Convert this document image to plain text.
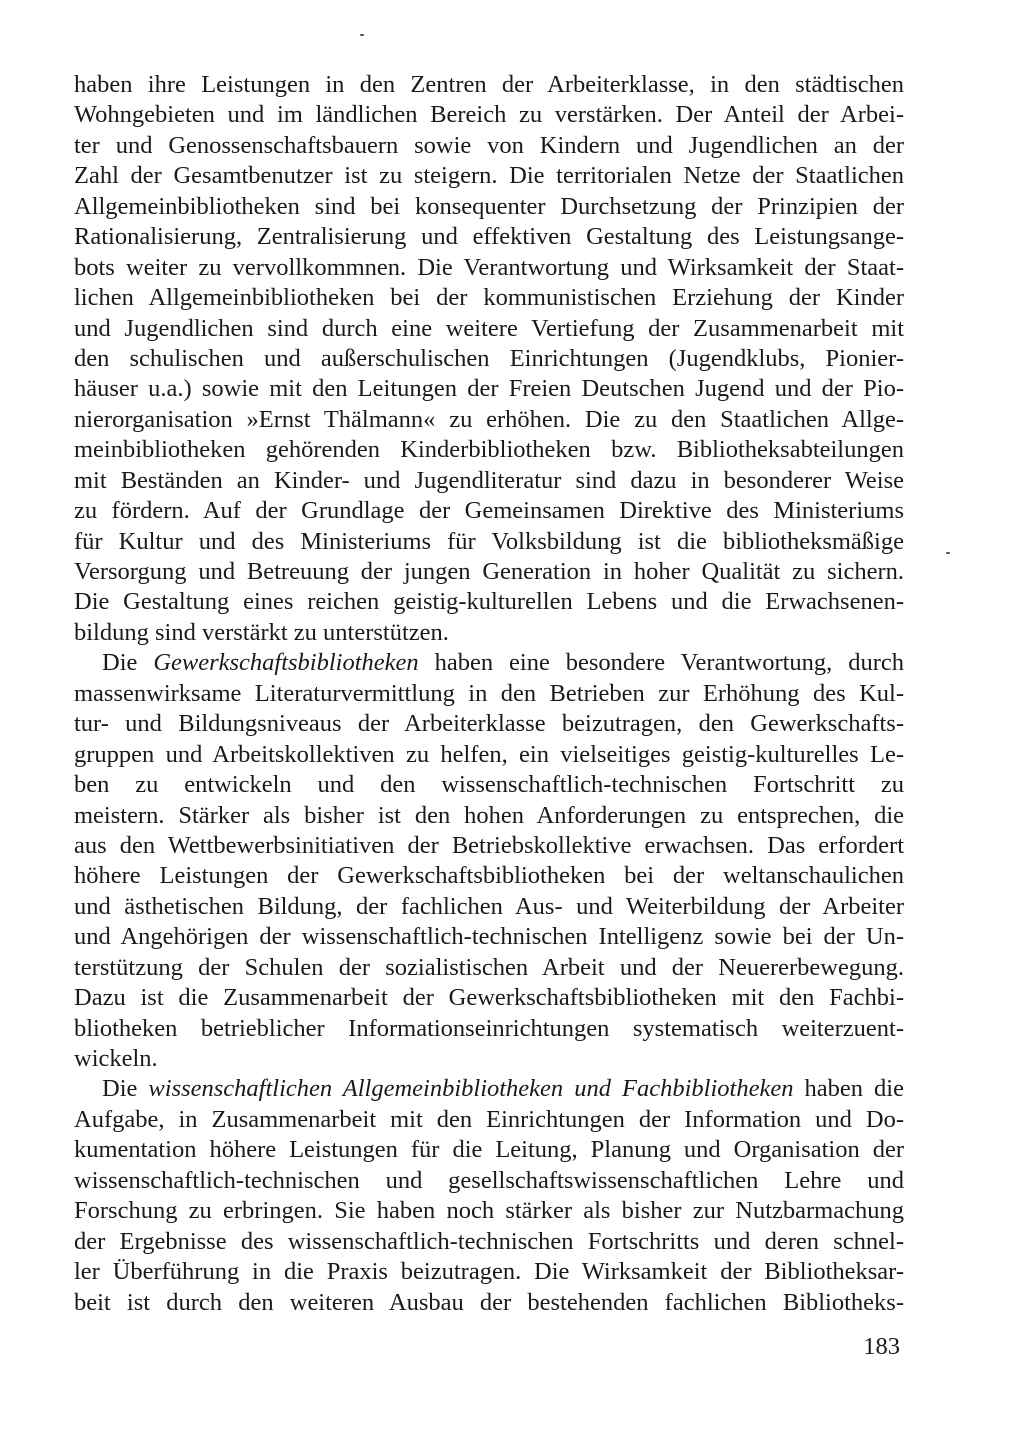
haben ihre Leistungen in den Zentren der Arbeiterklasse, in den städtischen
Wohngebieten und im ländlichen Bereich zu verstärken. Der Anteil der Arbei-
ter und Genossenschaftsbauern sowie von Kindern und Jugendlichen an der
Zahl der Gesamtbenutzer ist zu steigern. Die territorialen Netze der Staatlichen
Allgemeinbibliotheken sind bei konsequenter Durchsetzung der Prinzipien der
Rationalisierung, Zentralisierung und effektiven Gestaltung des Leistungsange-
bots weiter zu vervollkommnen. Die Verantwortung und Wirksamkeit der Staat-
lichen Allgemeinbibliotheken bei der kommunistischen Erziehung der Kinder
und Jugendlichen sind durch eine weitere Vertiefung der Zusammenarbeit mit
den schulischen und außerschulischen Einrichtungen (Jugendklubs, Pionier-
häuser u.a.) sowie mit den Leitungen der Freien Deutschen Jugend und der Pio-
nierorganisation »Ernst Thälmann« zu erhöhen. Die zu den Staatlichen Allge-
meinbibliotheken gehörenden Kinderbibliotheken bzw. Bibliotheksabteilungen
mit Beständen an Kinder- und Jugendliteratur sind dazu in besonderer Weise
zu fördern. Auf der Grundlage der Gemeinsamen Direktive des Ministeriums
für Kultur und des Ministeriums für Volksbildung ist die bibliotheksmäßige
Versorgung und Betreuung der jungen Generation in hoher Qualität zu sichern.
Die Gestaltung eines reichen geistig-kulturellen Lebens und die Erwachsenen-
bildung sind verstärkt zu unterstützen.
Die Gewerkschaftsbibliotheken haben eine besondere Verantwortung, durch
massenwirksame Literaturvermittlung in den Betrieben zur Erhöhung des Kul-
tur- und Bildungsniveaus der Arbeiterklasse beizutragen, den Gewerkschafts-
gruppen und Arbeitskollektiven zu helfen, ein vielseitiges geistig-kulturelles Le-
ben zu entwickeln und den wissenschaftlich-technischen Fortschritt zu
meistern. Stärker als bisher ist den hohen Anforderungen zu entsprechen, die
aus den Wettbewerbsinitiativen der Betriebskollektive erwachsen. Das erfordert
höhere Leistungen der Gewerkschaftsbibliotheken bei der weltanschaulichen
und ästhetischen Bildung, der fachlichen Aus- und Weiterbildung der Arbeiter
und Angehörigen der wissenschaftlich-technischen Intelligenz sowie bei der Un-
terstützung der Schulen der sozialistischen Arbeit und der Neuererbewegung.
Dazu ist die Zusammenarbeit der Gewerkschaftsbibliotheken mit den Fachbi-
bliotheken betrieblicher Informationseinrichtungen systematisch weiterzuent-
wickeln.
Die wissenschaftlichen Allgemeinbibliotheken und Fachbibliotheken haben die
Aufgabe, in Zusammenarbeit mit den Einrichtungen der Information und Do-
kumentation höhere Leistungen für die Leitung, Planung und Organisation der
wissenschaftlich-technischen und gesellschaftswissenschaftlichen Lehre und
Forschung zu erbringen. Sie haben noch stärker als bisher zur Nutzbarmachung
der Ergebnisse des wissenschaftlich-technischen Fortschritts und deren schnel-
ler Überführung in die Praxis beizutragen. Die Wirksamkeit der Bibliotheksar-
beit ist durch den weiteren Ausbau der bestehenden fachlichen Bibliotheks-
183
